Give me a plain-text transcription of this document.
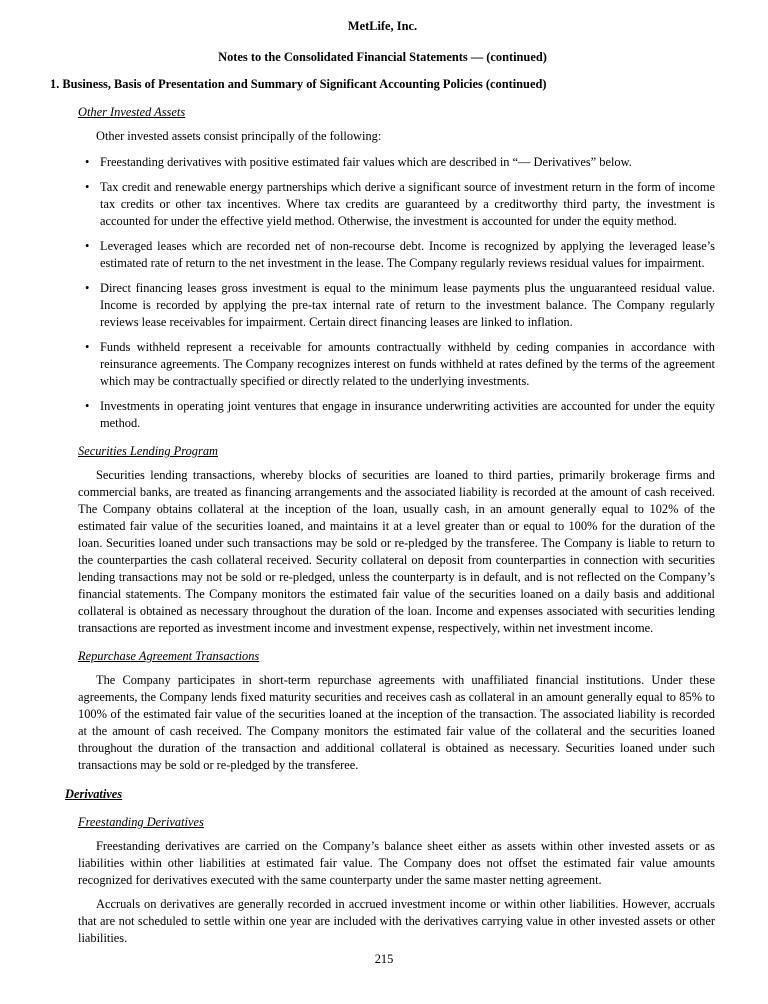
MetLife, Inc.
Notes to the Consolidated Financial Statements — (continued)
1. Business, Basis of Presentation and Summary of Significant Accounting Policies (continued)
Other Invested Assets

Other invested assets consist principally of the following:

• Freestanding derivatives with positive estimated fair values which are described in “— Derivatives” below.
• Tax credit and renewable energy partnerships which derive a significant source of investment return in the form of income tax credits or other tax incentives. Where tax credits are guaranteed by a creditworthy third party, the investment is accounted for under the effective yield method. Otherwise, the investment is accounted for under the equity method.
• Leveraged leases which are recorded net of non-recourse debt. Income is recognized by applying the leveraged lease’s estimated rate of return to the net investment in the lease. The Company regularly reviews residual values for impairment.
• Direct financing leases gross investment is equal to the minimum lease payments plus the unguaranteed residual value. Income is recorded by applying the pre-tax internal rate of return to the investment balance. The Company regularly reviews lease receivables for impairment. Certain direct financing leases are linked to inflation.
• Funds withheld represent a receivable for amounts contractually withheld by ceding companies in accordance with reinsurance agreements. The Company recognizes interest on funds withheld at rates defined by the terms of the agreement which may be contractually specified or directly related to the underlying investments.
• Investments in operating joint ventures that engage in insurance underwriting activities are accounted for under the equity method.
Securities Lending Program

Securities lending transactions, whereby blocks of securities are loaned to third parties, primarily brokerage firms and commercial banks, are treated as financing arrangements and the associated liability is recorded at the amount of cash received. The Company obtains collateral at the inception of the loan, usually cash, in an amount generally equal to 102% of the estimated fair value of the securities loaned, and maintains it at a level greater than or equal to 100% for the duration of the loan. Securities loaned under such transactions may be sold or re-pledged by the transferee. The Company is liable to return to the counterparties the cash collateral received. Security collateral on deposit from counterparties in connection with securities lending transactions may not be sold or re-pledged, unless the counterparty is in default, and is not reflected on the Company’s financial statements. The Company monitors the estimated fair value of the securities loaned on a daily basis and additional collateral is obtained as necessary throughout the duration of the loan. Income and expenses associated with securities lending transactions are reported as investment income and investment expense, respectively, within net investment income.

Repurchase Agreement Transactions

The Company participates in short-term repurchase agreements with unaffiliated financial institutions. Under these agreements, the Company lends fixed maturity securities and receives cash as collateral in an amount generally equal to 85% to 100% of the estimated fair value of the securities loaned at the inception of the transaction. The associated liability is recorded at the amount of cash received. The Company monitors the estimated fair value of the collateral and the securities loaned throughout the duration of the transaction and additional collateral is obtained as necessary. Securities loaned under such transactions may be sold or re-pledged by the transferee.

Derivatives
Freestanding Derivatives

Freestanding derivatives are carried on the Company’s balance sheet either as assets within other invested assets or as liabilities within other liabilities at estimated fair value. The Company does not offset the estimated fair value amounts recognized for derivatives executed with the same counterparty under the same master netting agreement.

Accruals on derivatives are generally recorded in accrued investment income or within other liabilities. However, accruals that are not scheduled to settle within one year are included with the derivatives carrying value in other invested assets or other liabilities.

215
